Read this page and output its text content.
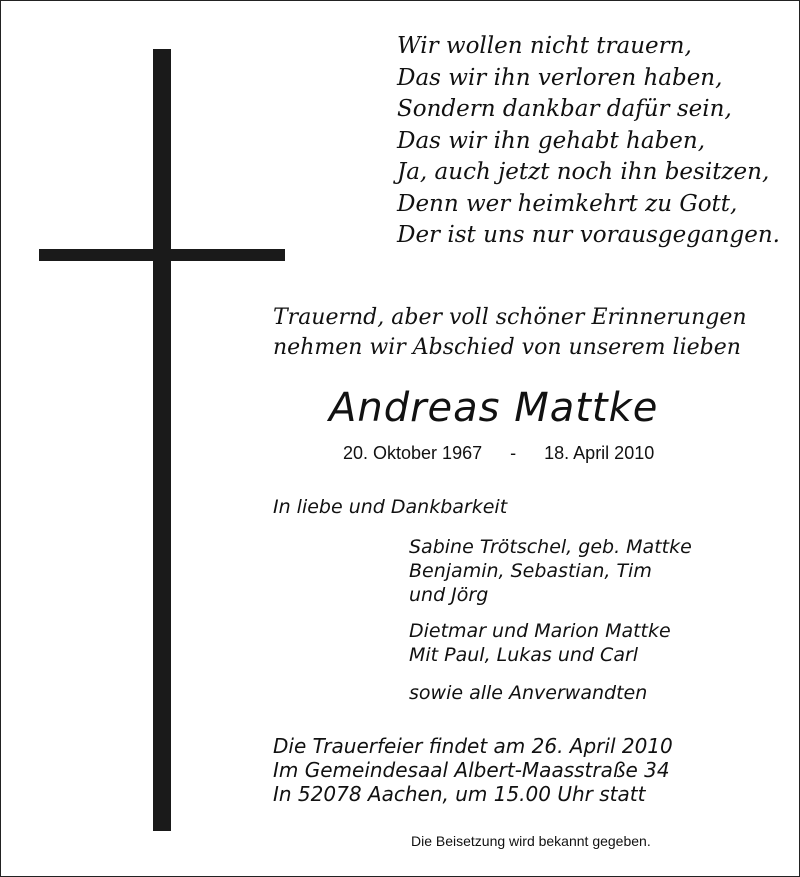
Wir wollen nicht trauern,
Das wir ihn verloren haben,
Sondern dankbar dafür sein,
Das wir ihn gehabt haben,
Ja, auch jetzt noch ihn besitzen,
Denn wer heimkehrt zu Gott,
Der ist uns nur vorausgegangen.
Trauernd, aber voll schöner Erinnerungen
nehmen wir Abschied von unserem lieben
Andreas Mattke
20. Oktober 1967 - 18. April 2010
In liebe und Dankbarkeit
Sabine Trötschel, geb. Mattke
Benjamin, Sebastian, Tim
und Jörg
Dietmar und Marion Mattke
Mit Paul, Lukas und Carl
sowie alle Anverwandten
Die Trauerfeier findet am 26. April 2010
Im Gemeindesaal Albert-Maasstraße 34
In 52078 Aachen, um 15.00 Uhr statt
Die Beisetzung wird bekannt gegeben.
